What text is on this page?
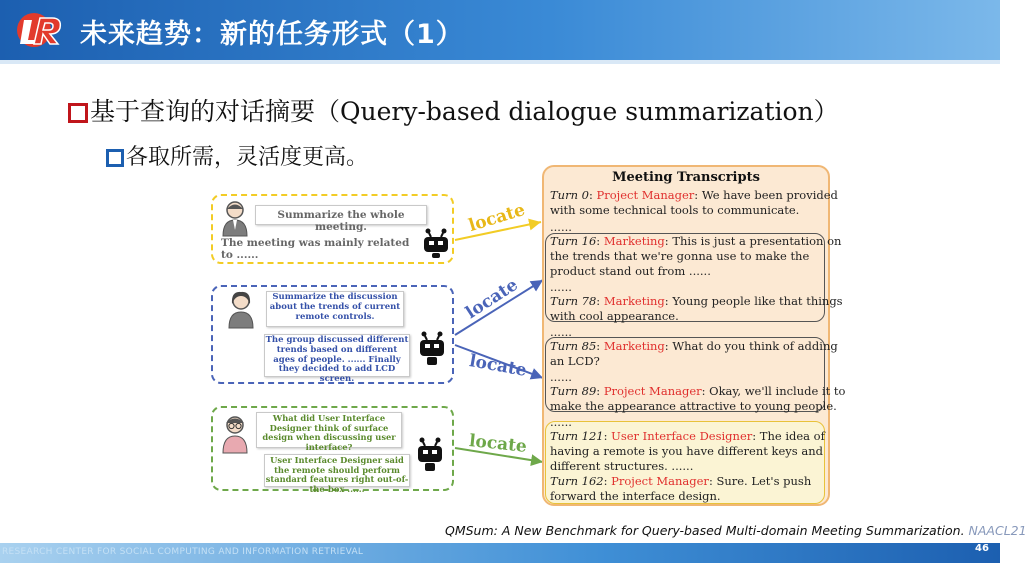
未来趋势：新的任务形式（1）
基于查询的对话摘要（Query-based dialogue summarization）
各取所需，灵活度更高。
Summarize the whole meeting.
The meeting was mainly related to ......
Summarize the discussion about the trends of current remote controls.
The group discussed different trends based on different ages of people. ...... Finally they decided to add LCD screen.
What did User Interface Designer think of surface design when discussing user interface?
User Interface Designer said the remote should perform standard features right out-of-the-box ......
locate
locate
locate
locate
Meeting Transcripts
Turn 0: Project Manager: We have been provided
with some technical tools to communicate.
......
Turn 16: Marketing: This is just a presentation on
the trends that we're gonna use to make the
product stand out from ......
......
Turn 78: Marketing: Young people like that things
with cool appearance.
......
Turn 85: Marketing: What do you think of adding
an LCD?
......
Turn 89: Project Manager: Okay, we'll include it to
make the appearance attractive to young people.
......
Turn 121: User Interface Designer: The idea of
having a remote is you have different keys and
different structures. ......
Turn 162: Project Manager: Sure. Let's push
forward the interface design.
QMSum: A New Benchmark for Query-based Multi-domain Meeting Summarization. NAACL21
RESEARCH CENTER FOR SOCIAL COMPUTING AND INFORMATION RETRIEVAL	46
